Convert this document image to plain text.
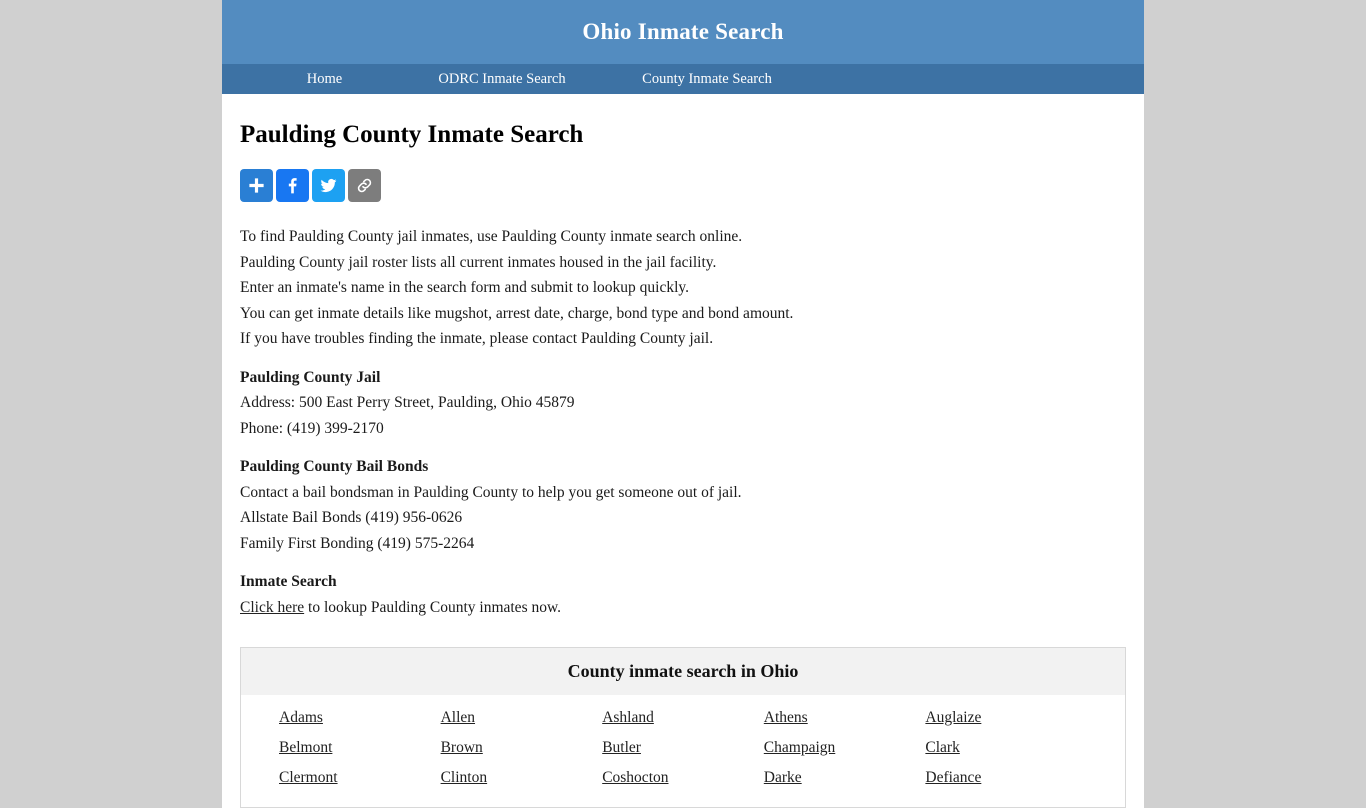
Ohio Inmate Search
Home	ODRC Inmate Search	County Inmate Search
Paulding County Inmate Search

To find Paulding County jail inmates, use Paulding County inmate search online.

Paulding County jail roster lists all current inmates housed in the jail facility.

Enter an inmate's name in the search form and submit to lookup quickly.

You can get inmate details like mugshot, arrest date, charge, bond type and bond amount.

If you have troubles finding the inmate, please contact Paulding County jail.

Paulding County Jail

Address: 500 East Perry Street, Paulding, Ohio 45879

Phone: (419) 399-2170

Paulding County Bail Bonds

Contact a bail bondsman in Paulding County to help you get someone out of jail.

Allstate Bail Bonds (419) 956-0626

Family First Bonding (419) 575-2264

Inmate Search

Click here to lookup Paulding County inmates now.

County inmate search in Ohio
Adams	Allen	Ashland	Athens	Auglaize
Belmont	Brown	Butler	Champaign	Clark
Clermont	Clinton	Coshocton	Darke	Defiance
